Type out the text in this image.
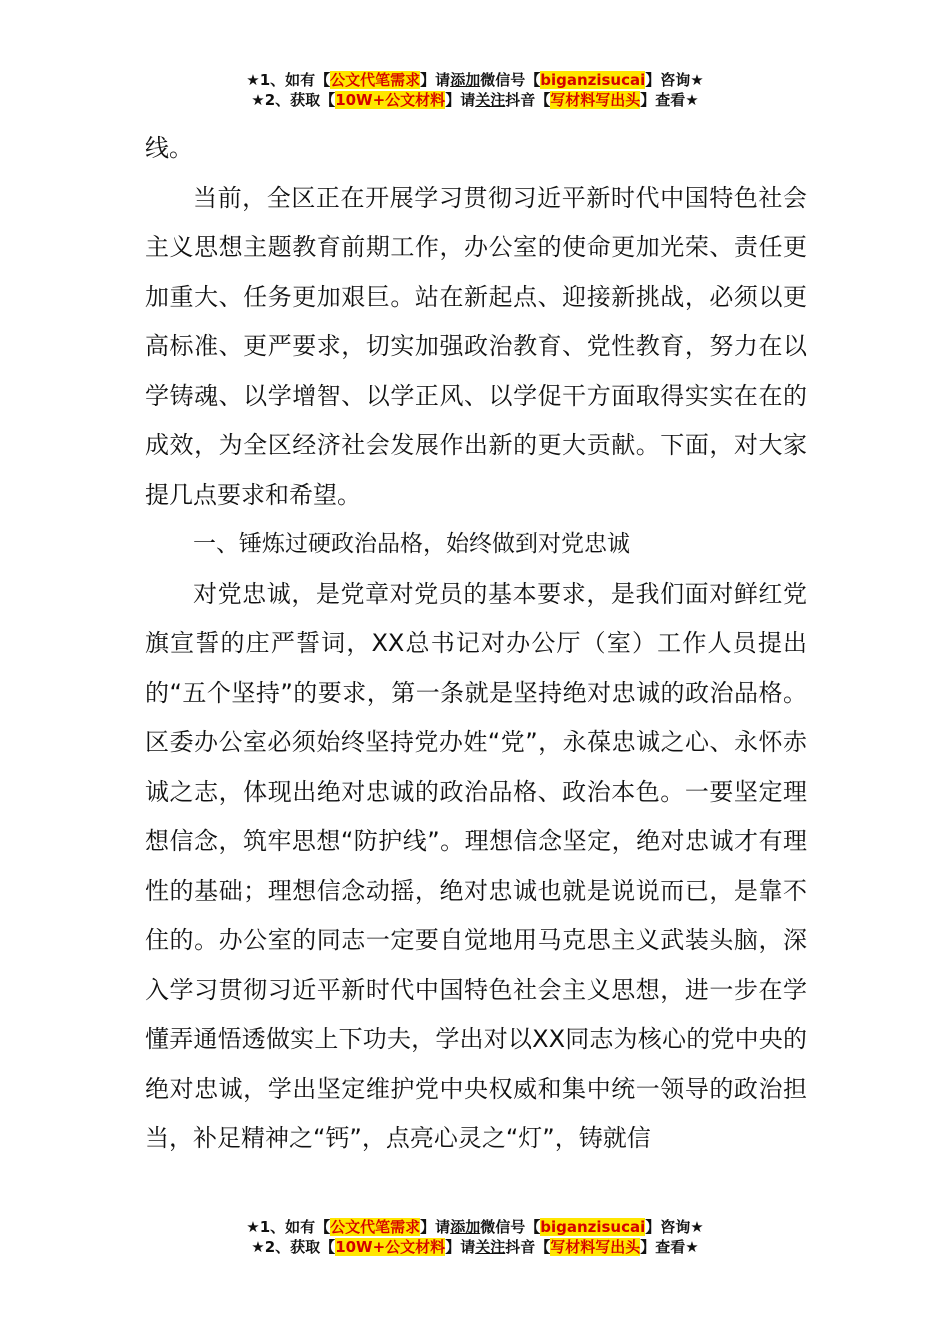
★1、如有【公文代笔需求】请添加微信号【biganzisucai】咨询★
★2、获取【10W+公文材料】请关注抖音【写材料写出头】查看★

线。

当前，全区正在开展学习贯彻习近平新时代中国特色社会主义思想主题教育前期工作，办公室的使命更加光荣、责任更加重大、任务更加艰巨。站在新起点、迎接新挑战，必须以更高标准、更严要求，切实加强政治教育、党性教育，努力在以学铸魂、以学增智、以学正风、以学促干方面取得实实在在的成效，为全区经济社会发展作出新的更大贡献。下面，对大家提几点要求和希望。

一、锤炼过硬政治品格，始终做到对党忠诚

对党忠诚，是党章对党员的基本要求，是我们面对鲜红党旗宣誓的庄严誓词，XX总书记对办公厅（室）工作人员提出的“五个坚持”的要求，第一条就是坚持绝对忠诚的政治品格。区委办公室必须始终坚持党办姓“党”，永葆忠诚之心、永怀赤诚之志，体现出绝对忠诚的政治品格、政治本色。一要坚定理想信念，筑牢思想“防护线”。理想信念坚定，绝对忠诚才有理性的基础；理想信念动摇，绝对忠诚也就是说说而已，是靠不住的。办公室的同志一定要自觉地用马克思主义武装头脑，深入学习贯彻习近平新时代中国特色社会主义思想，进一步在学懂弄通悟透做实上下功夫，学出对以XX同志为核心的党中央的绝对忠诚，学出坚定维护党中央权威和集中统一领导的政治担当，补足精神之“钙”，点亮心灵之“灯”，铸就信

★1、如有【公文代笔需求】请添加微信号【biganzisucai】咨询★
★2、获取【10W+公文材料】请关注抖音【写材料写出头】查看★
